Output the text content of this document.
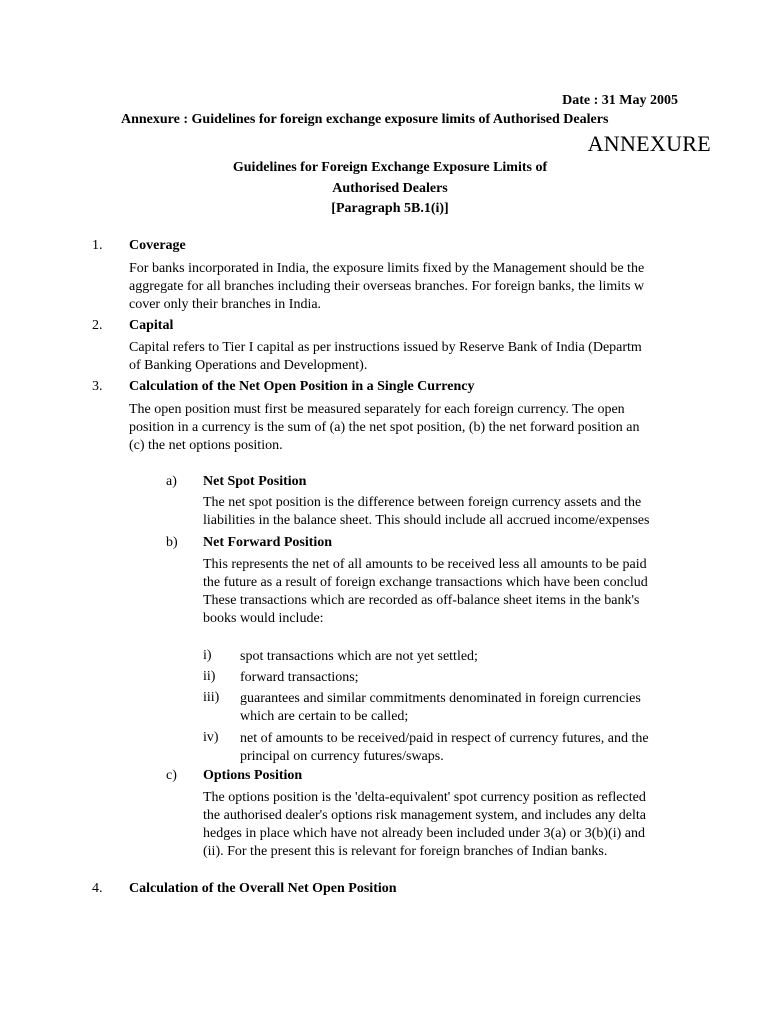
Date : 31 May 2005
Annexure : Guidelines for foreign exchange exposure limits of Authorised Dealers
ANNEXURE
Guidelines for Foreign Exchange Exposure Limits of
Authorised Dealers
[Paragraph 5B.1(i)]
1. Coverage
For banks incorporated in India, the exposure limits fixed by the Management should be the
aggregate for all branches including their overseas branches. For foreign banks, the limits w
cover only their branches in India.
2. Capital
Capital refers to Tier I capital as per instructions issued by Reserve Bank of India (Departm
of Banking Operations and Development).
3. Calculation of the Net Open Position in a Single Currency
The open position must first be measured separately for each foreign currency. The open
position in a currency is the sum of (a) the net spot position, (b) the net forward position an
(c) the net options position.
a) Net Spot Position
The net spot position is the difference between foreign currency assets and the
liabilities in the balance sheet. This should include all accrued income/expenses
b) Net Forward Position
This represents the net of all amounts to be received less all amounts to be paid
the future as a result of foreign exchange transactions which have been conclud
These transactions which are recorded as off-balance sheet items in the bank's
books would include:
i) spot transactions which are not yet settled;
ii) forward transactions;
iii) guarantees and similar commitments denominated in foreign currencies
which are certain to be called;
iv) net of amounts to be received/paid in respect of currency futures, and the
principal on currency futures/swaps.
c) Options Position
The options position is the 'delta-equivalent' spot currency position as reflected
the authorised dealer's options risk management system, and includes any delta
hedges in place which have not already been included under 3(a) or 3(b)(i) and
(ii). For the present this is relevant for foreign branches of Indian banks.
4. Calculation of the Overall Net Open Position
